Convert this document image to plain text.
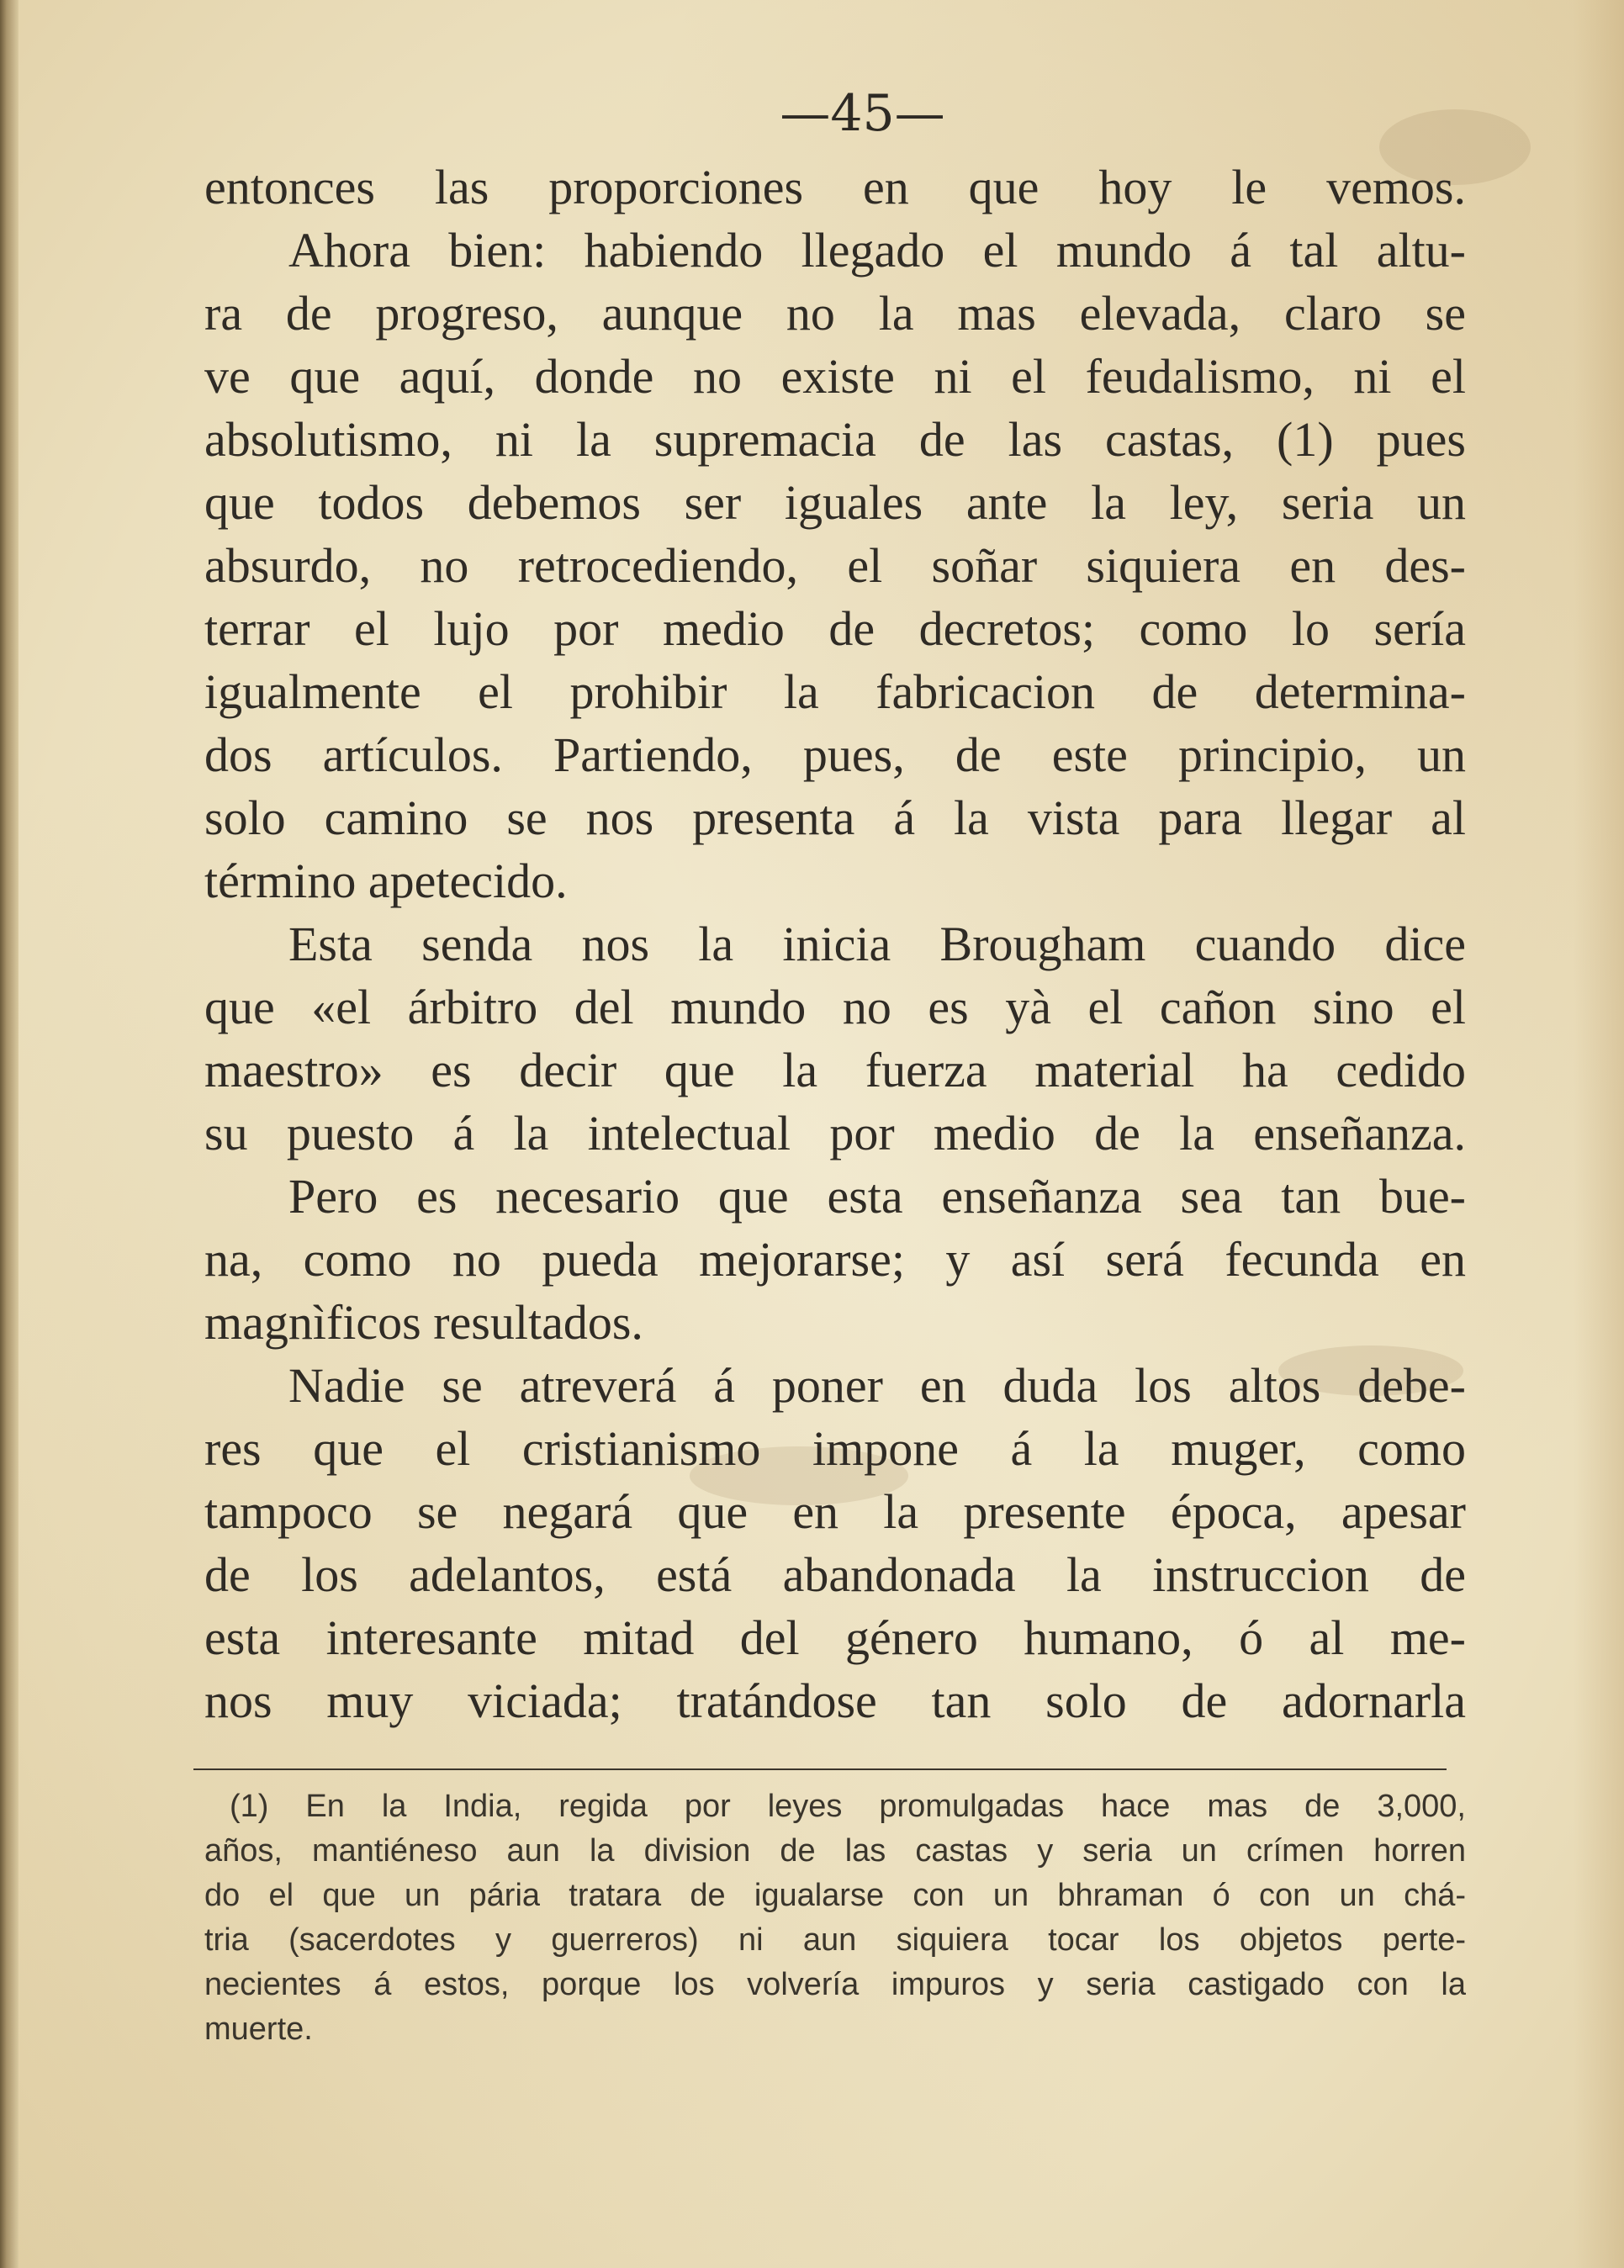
—45—
entonces las proporciones en que hoy le vemos.
Ahora bien: habiendo llegado el mundo á tal altu-
ra de progreso, aunque no la mas elevada, claro se
ve que aquí, donde no existe ni el feudalismo, ni el
absolutismo, ni la supremacia de las castas, (1) pues
que todos debemos ser iguales ante la ley, seria un
absurdo, no retrocediendo, el soñar siquiera en des-
terrar el lujo por medio de decretos; como lo sería
igualmente el prohibir la fabricacion de determina-
dos artículos. Partiendo, pues, de este principio, un
solo camino se nos presenta á la vista para llegar al
término apetecido.
Esta senda nos la inicia Brougham cuando dice
que «el árbitro del mundo no es yà el cañon sino el
maestro» es decir que la fuerza material ha cedido
su puesto á la intelectual por medio de la enseñanza.
Pero es necesario que esta enseñanza sea tan bue-
na, como no pueda mejorarse; y así será fecunda en
magnìficos resultados.
Nadie se atreverá á poner en duda los altos debe-
res que el cristianismo impone á la muger, como
tampoco se negará que en la presente época, apesar
de los adelantos, está abandonada la instruccion de
esta interesante mitad del género humano, ó al me-
nos muy viciada; tratándose tan solo de adornarla
(1) En la India, regida por leyes promulgadas hace mas de 3,000,
años, mantiéneso aun la division de las castas y seria un crímen horren
do el que un pária tratara de igualarse con un bhraman ó con un chá-
tria (sacerdotes y guerreros) ni aun siquiera tocar los objetos perte-
necientes á estos, porque los volvería impuros y seria castigado con la
muerte.
